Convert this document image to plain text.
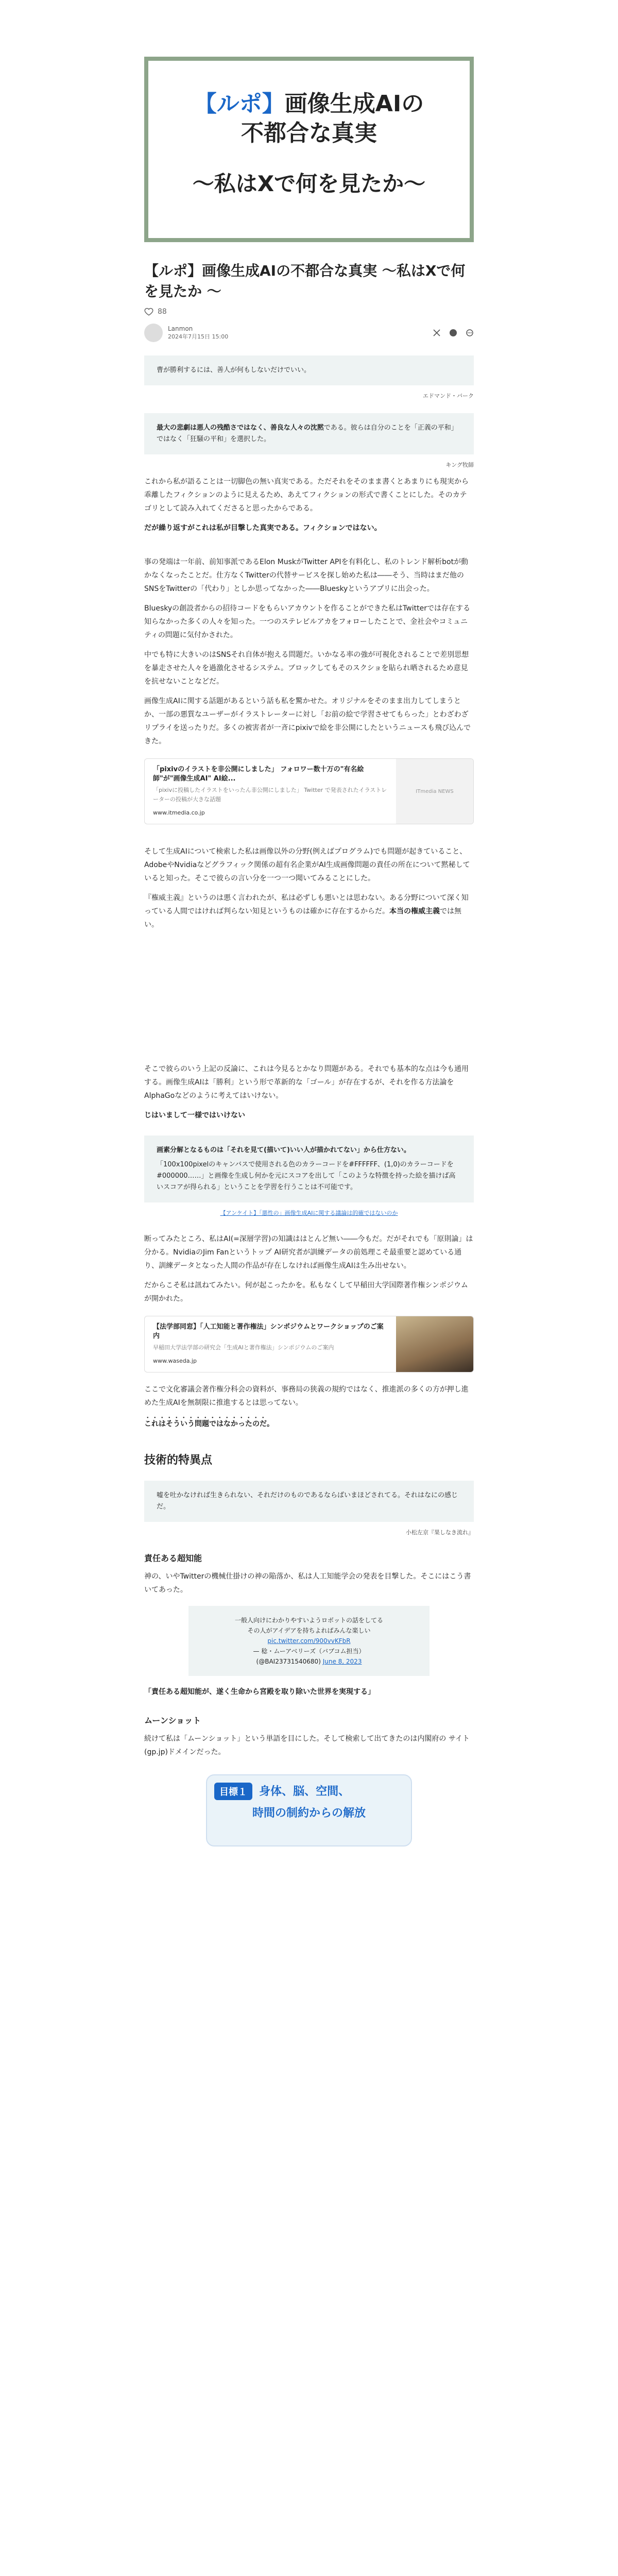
【ルポ】画像生成AIの
不都合な真実
〜私はXで何を見たか〜
【ルポ】画像生成AIの不都合な真実 〜私はXで何を見たか 〜
88
Lanmon
2024年7月15日 15:00
曹が勝利するには、善人が何もしないだけでいい。
エドマンド・バーク
最大の悲劇は悪人の残酷さではなく、善良な人々の沈黙である。彼らは自分のことを「正義の平和」ではなく「狂騒の平和」を選択した。
キング牧師

これから私が語ることは一切脚色の無い真実である。ただそれをそのまま書くとあまりにも現実から乖離したフィクションのように見えるため、あえてフィクションの形式で書くことにした。そのカテゴリとして読み入れてくださると思ったからである。

だが繰り返すがこれは私が目撃した真実である。フィクションではない。

事の発端は一年前、前知事派であるElon MuskがTwitter APIを有料化し、私のトレンド解析botが動かなくなったことだ。仕方なくTwitterの代替サービスを探し始めた私は――そう、当時はまだ他のSNSをTwitterの「代わり」としか思ってなかった――Blueskyというアプリに出会った。

Blueskyの創設者からの招待コードをもらいアカウントを作ることができた私はTwitterでは存在する知らなかった多くの人々を知った。一つのステレビルアカをフォローしたことで、金社会やコミュニティの問題に気付かされた。

中でも特に大きいのはSNSそれ自体が抱える問題だ。いかなる率の強が可視化されることで差別思想を暴走させた人々を過激化させるシステム。ブロックしてもそのスクショを貼られ晒されるため意見を抗せないことなどだ。

画像生成AIに関する話題があるという話も私を驚かせた。オリジナルをそのまま出力してしまうとか、一部の悪質なユーザーがイラストレーターに対し「お前の絵で学習させてもらった」とわざわざリプライを送ったりだ。多くの被害者が一斉にpixivで絵を非公開にしたというニュースも飛び込んできた。

「pixivのイラストを非公開にしました」 フォロワー数十万の"有名絵師"が"画像生成AI" AI絵...
「pixivに投稿したイラストをいったん非公開にしました」 Twitter で発表されたイラストレーターの投稿が大きな話題
www.itmedia.co.jp
ITmedia NEWS

そして生成AIについて検索した私は画像以外の分野(例えばプログラム)でも問題が起きていること、AdobeやNvidiaなどグラフィック関係の超有名企業がAI生成画像問題の責任の所在について黙秘していると知った。そこで彼らの言い分を一つ一つ聞いてみることにした。

『権威主義』というのは悪く言われたが、私は必ずしも悪いとは思わない。ある分野について深く知っている人間ではければ判らない知見というものは確かに存在するからだ。本当の権威主義では無い。

そこで彼らのいう上記の反論に、これは今見るとかなり問題がある。それでも基本的な点は今も通用する。画像生成AIは「勝利」という形で革新的な「ゴール」が存在するが、それを作る方法論をAlphaGoなどのように考えてはいけない。

じはいまして一様ではいけない

画素分解となるものは「それを見て(描いて)いい人が描かれてない」から仕方ない。
「100x100pixelのキャンバスで使用される色のカラーコードを#FFFFFF、(1,0)のカラーコードを#000000……」と画像を生成し何かを元にスコアを出して「このような特徴を持った絵を描けば高いスコアが得られる」ということを学習を行うことは不可能です。
【アンケイト】「悪性の」画像生成AIに関する議論は的確ではないのか

断ってみたところ、私はAI(=深層学習)の知識ははとんど無い――今もだ。だがそれでも「原則論」は分かる。NvidiaのJim Fanというトップ AI研究者が訓練データの前処理こそ最重要と認めている通り、訓練データとなった人間の作品が存在しなければ画像生成AIは生み出せない。

だからこそ私は訊ねてみたい。何が起こったかを。私もなくして早稲田大学国際著作権シンポジウムが開かれた。

【法学部同窓】「人工知能と著作権法」シンポジウムとワークショップのご案内
早稲田大学法学部の研究会「生成AIと著作権法」シンポジウムのご案内
www.waseda.jp

ここで文化審議会著作権分科会の資料が、事務局の狭義の規約ではなく、推進派の多くの方が押し進めた生成AIを無制限に推進するとは思ってない。

これはそういう問題ではなかったのだ。

技術的特異点
嘘を吐かなければ生きられない、それだけのものであるならばいまほどされてる。それはなにの感じだ。
小松左京『果しなき流れ』
責任ある超知能

神の、いやTwitterの機械仕掛けの神の陥落か、私は人工知能学会の発表を目撃した。そこにはこう書いてあった。

一般人向けにわかりやすいようロボットの話をしてる
その人がアイデアを持ちよればみんな楽しい
pic.twitter.com/900vvKFbR
— 稔・ムーアベリーズ（バブコム担当）
(@BAI23731540680) June 8, 2023

「責任ある超知能が、遂く生命から宮殿を取り除いた世界を実現する」

ムーンショット

続けて私は「ムーンショット」という単語を目にした。そして検索して出てきたのは内閣府の サイト(gp.jp)ドメインだった。

目標１ 身体、脳、空間、
時間の制約からの解放
